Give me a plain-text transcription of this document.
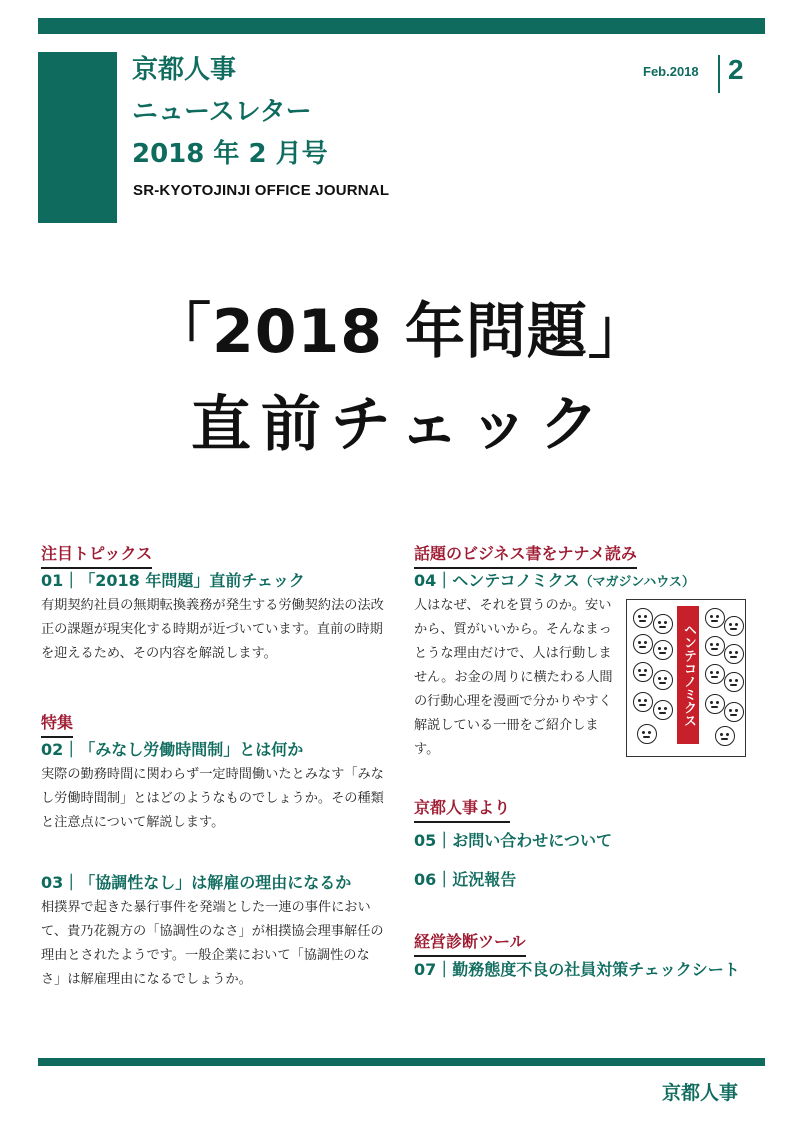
京都人事
ニュースレター
2018 年 2 月号
SR-KYOTOJINJI OFFICE JOURNAL
Feb.2018 2
「2018 年問題」
直前チェック
注目トピックス
01｜「2018 年問題」直前チェック
有期契約社員の無期転換義務が発生する労働契約法の法改正の課題が現実化する時期が近づいています。直前の時期を迎えるため、その内容を解説します。
特集
02｜「みなし労働時間制」とは何か
実際の勤務時間に関わらず一定時間働いたとみなす「みなし労働時間制」とはどのようなものでしょうか。その種類と注意点について解説します。
03｜「協調性なし」は解雇の理由になるか
相撲界で起きた暴行事件を発端とした一連の事件において、貴乃花親方の「協調性のなさ」が相撲協会理事解任の理由とされたようです。一般企業において「協調性のなさ」は解雇理由になるでしょうか。
話題のビジネス書をナナメ読み
04｜ヘンテコノミクス（マガジンハウス）
人はなぜ、それを買うのか。安いから、質がいいから。そんなまっとうな理由だけで、人は行動しません。お金の周りに横たわる人間の行動心理を漫画で分かりやすく解説している一冊をご紹介します。
ヘンテコノミクス
京都人事より
05｜お問い合わせについて
06｜近況報告
経営診断ツール
07｜勤務態度不良の社員対策チェックシート
京都人事
